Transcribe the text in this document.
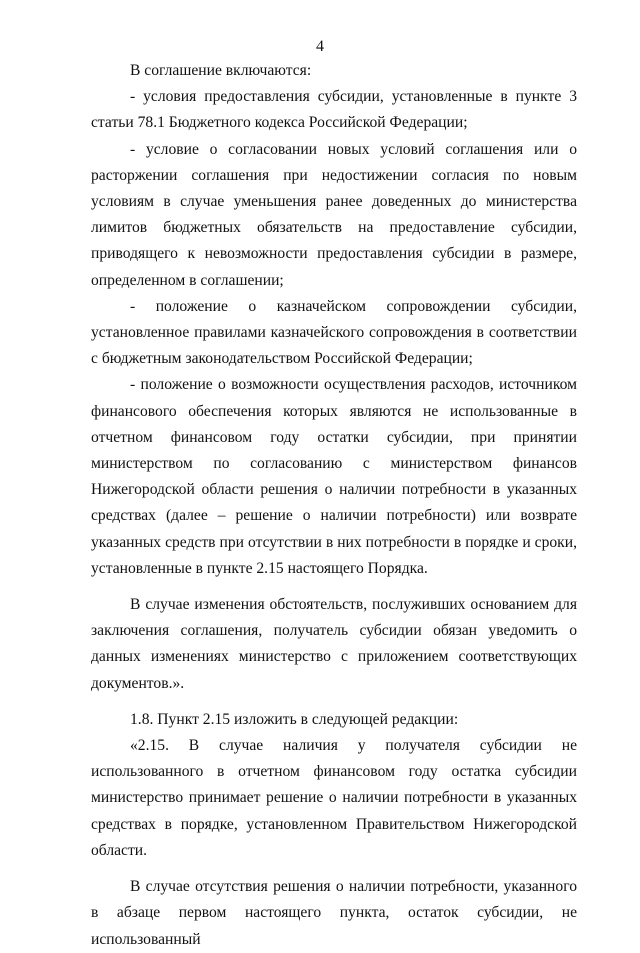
4

В соглашение включаются:

- условия предоставления субсидии, установленные в пункте 3 статьи 78.1 Бюджетного кодекса Российской Федерации;

- условие о согласовании новых условий соглашения или о расторжении соглашения при недостижении согласия по новым условиям в случае уменьшения ранее доведенных до министерства лимитов бюджетных обязательств на предоставление субсидии, приводящего к невозможности предоставления субсидии в размере, определенном в соглашении;

- положение о казначейском сопровождении субсидии, установленное правилами казначейского сопровождения в соответствии с бюджетным законодательством Российской Федерации;

- положение о возможности осуществления расходов, источником финансового обеспечения которых являются не использованные в отчетном финансовом году остатки субсидии, при принятии министерством по согласованию с министерством финансов Нижегородской области решения о наличии потребности в указанных средствах (далее – решение о наличии потребности) или возврате указанных средств при отсутствии в них потребности в порядке и сроки, установленные в пункте 2.15 настоящего Порядка.

В случае изменения обстоятельств, послуживших основанием для заключения соглашения, получатель субсидии обязан уведомить о данных изменениях министерство с приложением соответствующих документов.».

1.8. Пункт 2.15 изложить в следующей редакции:

«2.15. В случае наличия у получателя субсидии не использованного в отчетном финансовом году остатка субсидии министерство принимает решение о наличии потребности в указанных средствах в порядке, установленном Правительством Нижегородской области.

В случае отсутствия решения о наличии потребности, указанного в абзаце первом настоящего пункта, остаток субсидии, не использованный
